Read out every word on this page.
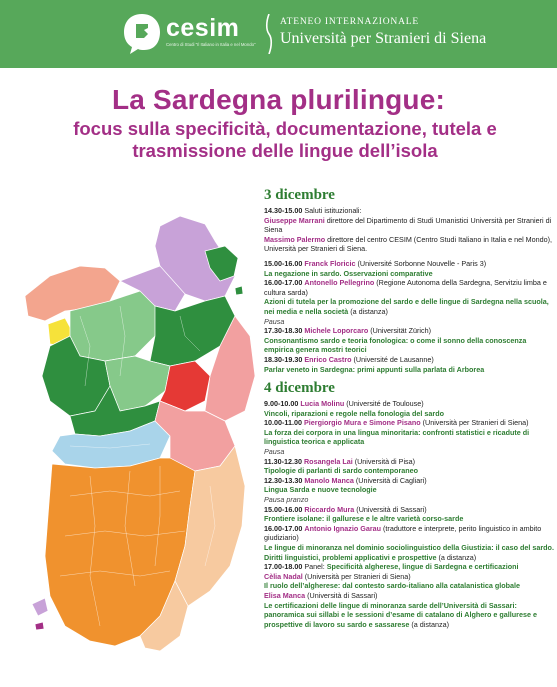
cesim
Centro di Studi "Il Italiano in Italia e nel Mondo"
ATENEO INTERNAZIONALE
Università per Stranieri di Siena
La Sardegna plurilingue:
focus sulla specificità, documentazione, tutela e trasmissione delle lingue dell’isola
3 dicembre
14.30-15.00 Saluti istituzionali:
Giuseppe Marrani direttore del Dipartimento di Studi Umanistici Università per Stranieri di Siena
Massimo Palermo direttore del centro CESIM (Centro Studi Italiano in Italia e nel Mondo), Università per Stranieri di Siena.
15.00-16.00 Franck Floricic (Université Sorbonne Nouvelle - Paris 3)
La negazione in sardo. Osservazioni comparative
16.00-17.00 Antonello Pellegrino (Regione Autonoma della Sardegna, Servitziu limba e cultura sarda)
Azioni di tutela per la promozione del sardo e delle lingue di Sardegna nella scuola, nei media e nella società (a distanza)
Pausa
17.30-18.30 Michele Loporcaro (Universität Zürich)
Consonantismo sardo e teoria fonologica: o come il sonno della conoscenza empirica genera mostri teorici
18.30-19.30 Enrico Castro (Université de Lausanne)
Parlar veneto in Sardegna: primi appunti sulla parlata di Arborea
4 dicembre
9.00-10.00 Lucia Molinu (Université de Toulouse)
Vincoli, riparazioni e regole nella fonologia del sardo
10.00-11.00 Piergiorgio Mura e Simone Pisano (Università per Stranieri di Siena)
La forza dei corpora in una lingua minoritaria: confronti statistici e ricadute di linguistica teorica e applicata
Pausa
11.30-12.30 Rosangela Lai (Università di Pisa)
Tipologie di parlanti di sardo contemporaneo
12.30-13.30 Manolo Manca (Università di Cagliari)
Lingua Sarda e nuove tecnologie
Pausa pranzo
15.00-16.00 Riccardo Mura (Università di Sassari)
Frontiere isolane: il gallurese e le altre varietà corso-sarde
16.00-17.00 Antonio Ignazio Garau (traduttore e interprete, perito linguistico in ambito giudiziario)
Le lingue di minoranza nel dominio sociolinguistico della Giustizia: il caso del sardo. Diritti linguistici, problemi applicativi e prospettive (a distanza)
17.00-18.00 Panel: Specificità algherese, lingue di Sardegna e certificazioni
Cèlia Nadal (Università per Stranieri di Siena)
Il ruolo dell’algherese: dal contesto sardo-italiano alla catalanistica globale
Elisa Manca (Università di Sassari)
Le certificazioni delle lingue di minoranza sarde dell’Università di Sassari: panoramica sui sillabi e le sessioni d’esame di catalano di Alghero e gallurese e prospettive di lavoro su sardo e sassarese (a distanza)
